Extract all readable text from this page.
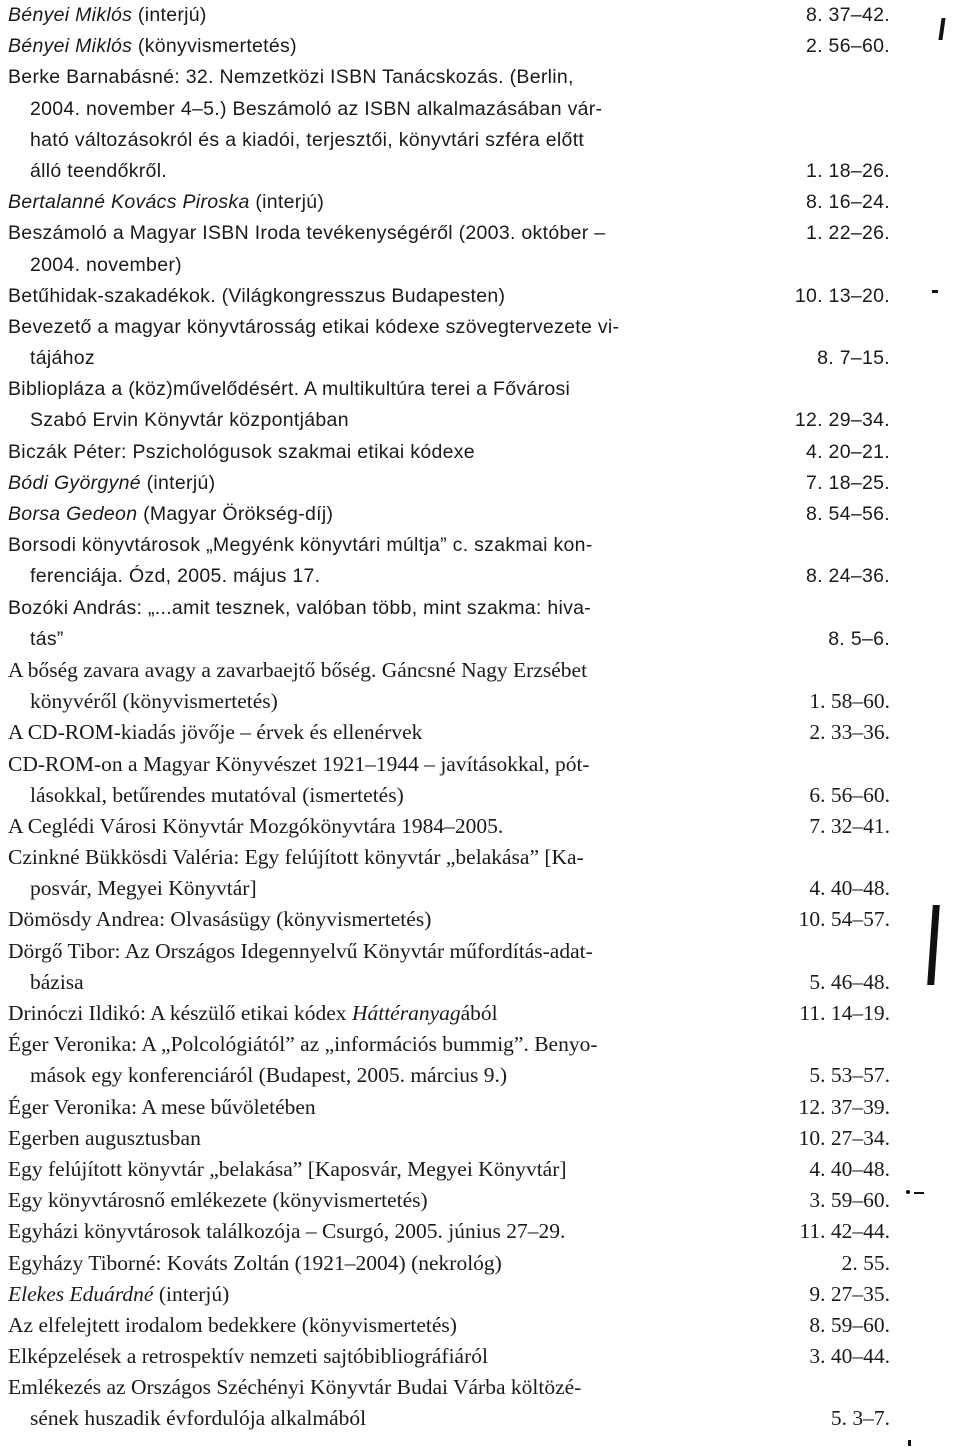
Bényei Miklós (interjú)	8. 37–42.
Bényei Miklós (könyvismertetés)	2. 56–60.
Berke Barnabásné: 32. Nemzetközi ISBN Tanácskozás. (Berlin,
2004. november 4–5.) Beszámoló az ISBN alkalmazásában vár-
ható változásokról és a kiadói, terjesztői, könyvtári szféra előtt
álló teendőkről.	1. 18–26.
Bertalanné Kovács Piroska (interjú)	8. 16–24.
Beszámoló a Magyar ISBN Iroda tevékenységéről (2003. október –	1. 22–26.
2004. november)
Betűhidak-szakadékok. (Világkongresszus Budapesten)	10. 13–20.
Bevezető a magyar könyvtárosság etikai kódexe szövegtervezete vi-
tájához	8. 7–15.
Bibliopláza a (köz)művelődésért. A multikultúra terei a Fővárosi
Szabó Ervin Könyvtár központjában	12. 29–34.
Biczák Péter: Pszichológusok szakmai etikai kódexe	4. 20–21.
Bódi Györgyné (interjú)	7. 18–25.
Borsa Gedeon (Magyar Örökség-díj)	8. 54–56.
Borsodi könyvtárosok „Megyénk könyvtári múltja” c. szakmai kon-
ferenciája. Ózd, 2005. május 17.	8. 24–36.
Bozóki András: „...amit tesznek, valóban több, mint szakma: hiva-
tás”	8. 5–6.
A bőség zavara avagy a zavarbaejtő bőség. Gáncsné Nagy Erzsébet
könyvéről (könyvismertetés)	1. 58–60.
A CD-ROM-kiadás jövője – érvek és ellenérvek	2. 33–36.
CD-ROM-on a Magyar Könyvészet 1921–1944 – javításokkal, pót-
lásokkal, betűrendes mutatóval (ismertetés)	6. 56–60.
A Ceglédi Városi Könyvtár Mozgókönyvtára 1984–2005.	7. 32–41.
Czinkné Bükkösdi Valéria: Egy felújított könyvtár „belakása” [Ka-
posvár, Megyei Könyvtár]	4. 40–48.
Dömösdy Andrea: Olvasásügy (könyvismertetés)	10. 54–57.
Dörgő Tibor: Az Országos Idegennyelvű Könyvtár műfordítás-adat-
bázisa	5. 46–48.
Drinóczi Ildikó: A készülő etikai kódex Háttéranyagából	11. 14–19.
Éger Veronika: A „Polcológiától” az „információs bummig”. Benyo-
mások egy konferenciáról (Budapest, 2005. március 9.)	5. 53–57.
Éger Veronika: A mese bűvöletében	12. 37–39.
Egerben augusztusban	10. 27–34.
Egy felújított könyvtár „belakása” [Kaposvár, Megyei Könyvtár]	4. 40–48.
Egy könyvtárosnő emlékezete (könyvismertetés)	3. 59–60.
Egyházi könyvtárosok találkozója – Csurgó, 2005. június 27–29.	11. 42–44.
Egyházy Tiborné: Kováts Zoltán (1921–2004) (nekrológ)	2. 55.
Elekes Eduárdné (interjú)	9. 27–35.
Az elfelejtett irodalom bedekkere (könyvismertetés)	8. 59–60.
Elképzelések a retrospektív nemzeti sajtóbibliográfiáról	3. 40–44.
Emlékezés az Országos Széchényi Könyvtár Budai Várba költözé-
sének huszadik évfordulója alkalmából	5. 3–7.
